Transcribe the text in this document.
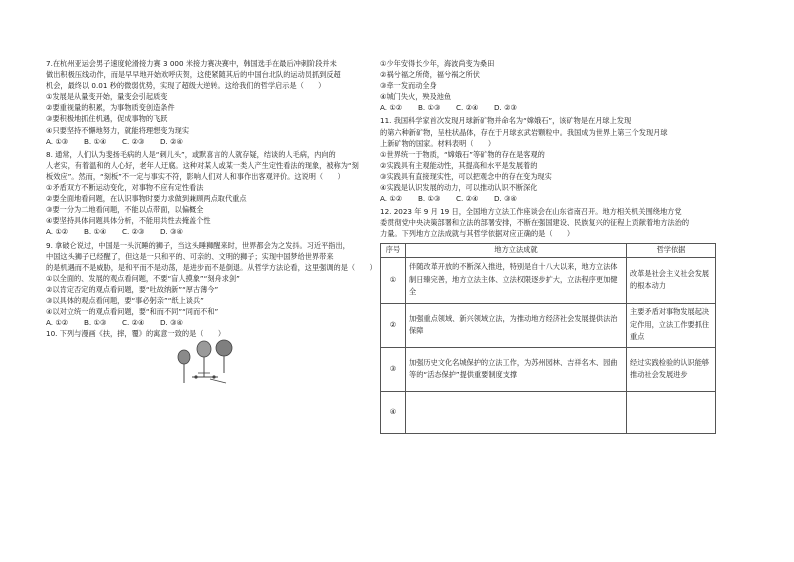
7.在杭州亚运会男子速度轮滑接力赛 3 000 米接力赛决赛中，韩国选手在最后冲刺阶段并未

做出积极压线动作，而是早早地开始欢呼庆贺，这使紧随其后的中国台北队的运动员抓到反超

机会，最终以 0.01 秒的微弱优势，实现了超级大逆转。这给我们的哲学启示是（　　）

①发展是从量变开始，量变会引起质变

②要重视量的积累，为事物质变创造条件

③要积极地抓住机遇，促成事物的飞跃

④只要坚持不懈地努力，就能将理想变为现实

A. ①③	B. ①④	C. ②③	D. ②④

8. 通常，人们认为斐扬毛病的人是“刺儿头”，或默喜言的人就存疑，结谈的人毛病，内向的

人老实，有着温和的人心好，老年人迂腐。这种对某人或某一类人产生定性看法的现象，被称为“刻

板效应”。然而，“刻板”不一定与事实不符，影响人们对人和事作出客观评价。这说明（　　）

①矛盾双方不断运动变化，对事物不应有定性看法

②要全面地看问题，在认识事物时要力求做到兼顾两点取代重点

③要一分为二地看问题，不能以点带面，以偏概全

④要坚持具体问题具体分析，不能用共性去掩盖个性

A. ①②	B. ①④	C. ②③	D. ③④

9. 拿破仑说过，中国是一头沉睡的狮子，当这头睡狮醒来时，世界都会为之发抖。习近平指出，

中国这头狮子已经醒了，但这是一只和平的、可亲的、文明的狮子；实现中国梦给世界带来

的是机遇而不是威胁，是和平而不是动荡，是进步而不是倒退。从哲学方法论看，这里强调的是（　　）

①以全面的、发展的观点看问题，不要“盲人摸象”“刻舟求剑”

②以肯定否定的观点看问题，要“吐故纳新”“厚古薄今”

③以具体的观点看问题，要“事必躬亲”“纸上谈兵”

④以对立统一的观点看问题，要“和而不同”“同而不和”

A. ①②	B. ①③	C. ②④	D. ③④

10. 下列与漫画《扶，摔，覆》的寓意一致的是（　　）

①少年安得长少年，海波尚变为桑田

②祸兮福之所倚，福兮祸之所伏

③牵一发而动全身

④城门失火，殃及池鱼

A. ①②	B. ①③	C. ②④	D. ②③

11. 我国科学家首次发现月球新矿物并命名为“嫦娥石”，该矿物是在月球上发现

的第六种新矿物，呈柱状晶体，存在于月球玄武岩颗粒中。我国成为世界上第三个发现月球

上新矿物的国家。材料表明（　　）

①世界统一于物质，“嫦娥石”等矿物的存在是客观的

②实践具有主观能动性，其提高和水平是发展着的

③实践具有直接现实性，可以把观念中的存在变为现实

④实践是认识发展的动力，可以推动认识不断深化

A. ①②	B. ①③	C. ②④	D. ③④

12. 2023 年 9 月 19 日，全国地方立法工作座谈会在山东省南召开。地方相关机关围绕地方党

委贯彻党中央决策部署和立法的部署安排，不断在强国建设、民族复兴的征程上贡献着地方法治的

力量。下列地方立法成就与其哲学依据对应正确的是（　　）

序号	地方立法成就	哲学依据
①	伴随改革开放的不断深入推进，特别是自十八大以来，地方立法体制日臻完善，地方立法主体、立法权限逐步扩大，立法程序更加健全	改革是社会主义社会发展的根本动力
②	加强重点领域、新兴领域立法，为推动地方经济社会发展提供法治保障	主要矛盾对事物发展起决定作用，立法工作要抓住重点
③	加强历史文化名城保护的立法工作，为苏州园林、吉祥名木、园曲等的“活态保护”提供重要制度支撑	经过实践检验的认识能够推动社会发展进步
④		
